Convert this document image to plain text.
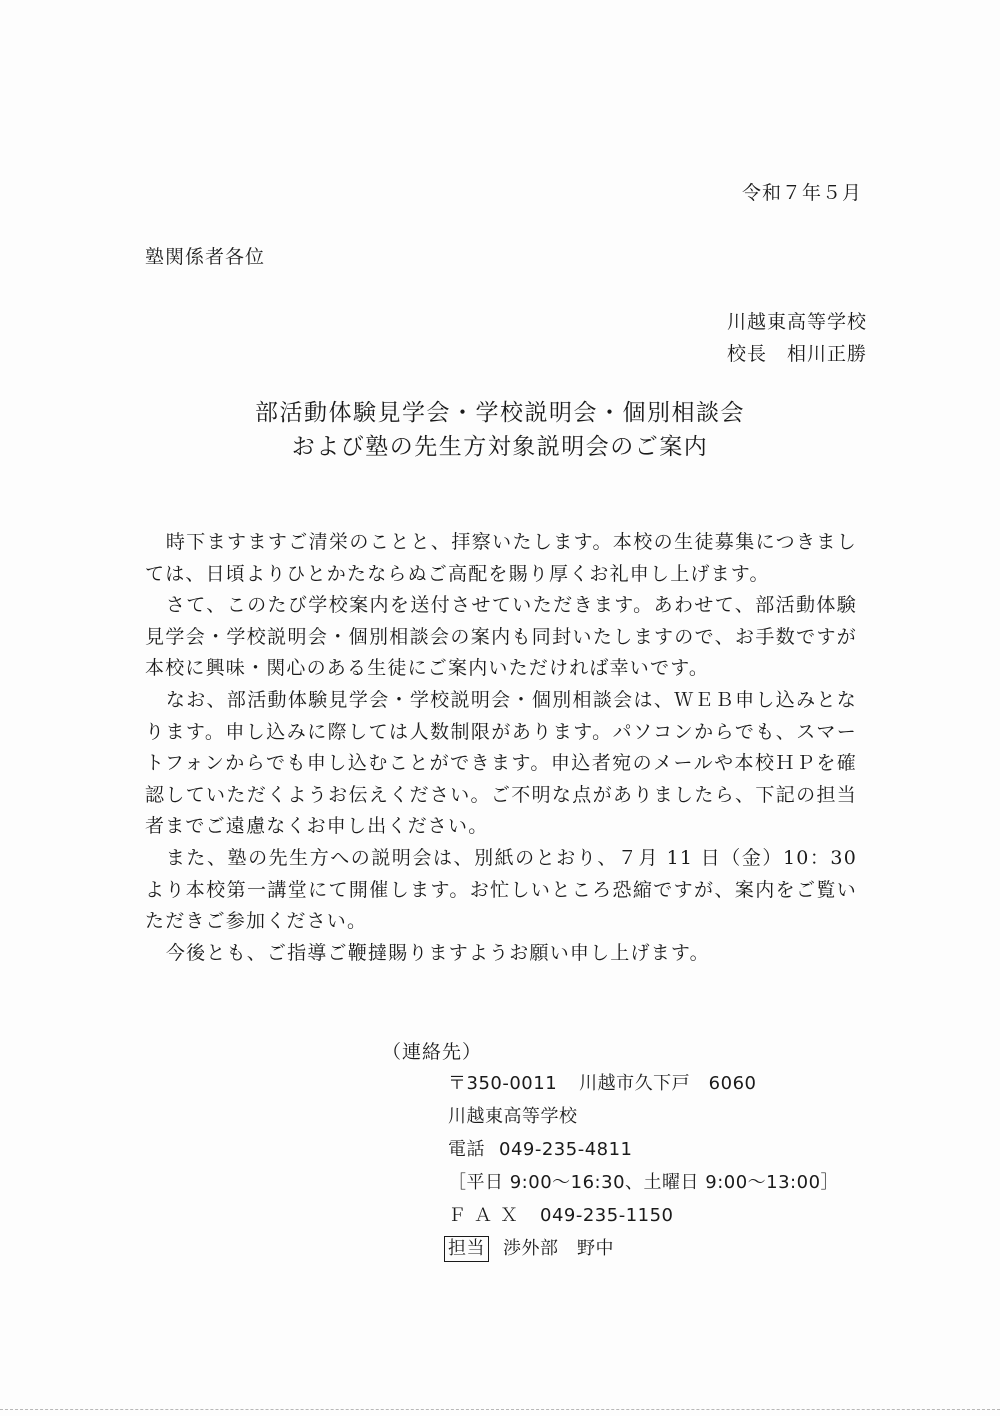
令和７年５月
塾関係者各位
川越東高等学校
校長　相川正勝
部活動体験見学会・学校説明会・個別相談会
および塾の先生方対象説明会のご案内

時下ますますご清栄のことと、拝察いたします。本校の生徒募集につきましては、日頃よりひとかたならぬご高配を賜り厚くお礼申し上げます。

さて、このたび学校案内を送付させていただきます。あわせて、部活動体験見学会・学校説明会・個別相談会の案内も同封いたしますので、お手数ですが本校に興味・関心のある生徒にご案内いただければ幸いです。

なお、部活動体験見学会・学校説明会・個別相談会は、ＷＥＢ申し込みとなります。申し込みに際しては人数制限があります。パソコンからでも、スマートフォンからでも申し込むことができます。申込者宛のメールや本校ＨＰを確認していただくようお伝えください。ご不明な点がありましたら、下記の担当者までご遠慮なくお申し出ください。

また、塾の先生方への説明会は、別紙のとおり、７月 11 日（金）10：30 より本校第一講堂にて開催します。お忙しいところ恐縮ですが、案内をご覧いただきご参加ください。

今後とも、ご指導ご鞭撻賜りますようお願い申し上げます。

（連絡先）
〒350-0011 川越市久下戸　6060
川越東高等学校
電話 049-235-4811
［平日 9:00～16:30、土曜日 9:00～13:00］
ＦＡＸ 049-235-1150
担当 渉外部　野中
